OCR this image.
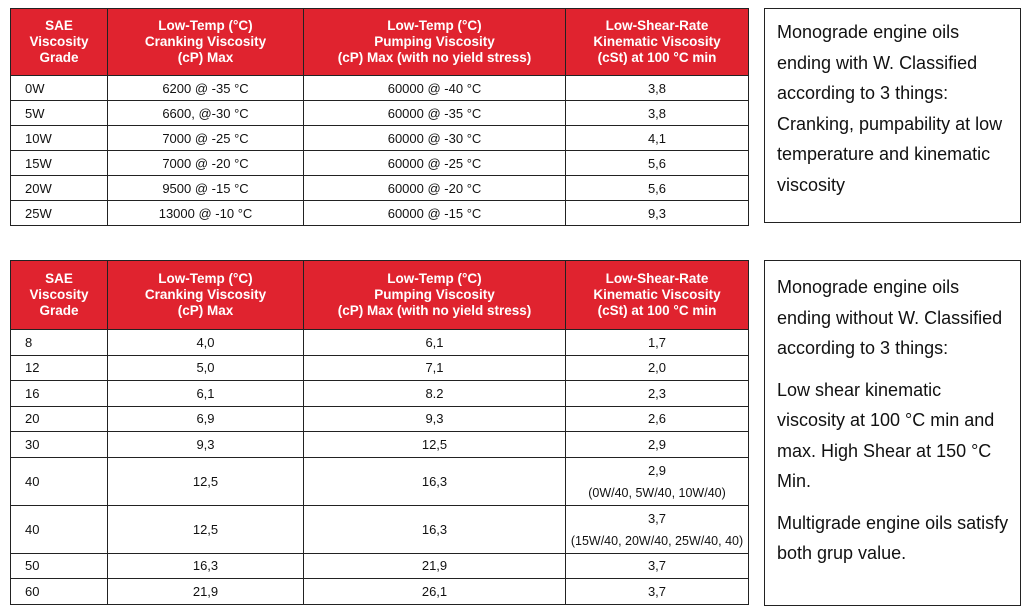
SAE
Viscosity
Grade	Low-Temp (°C)
Cranking Viscosity
(cP) Max	Low-Temp (°C)
Pumping Viscosity
(cP) Max (with no yield stress)	Low-Shear-Rate
Kinematic Viscosity
(cSt) at 100 °C min
0W	6200 @ -35 °C	60000 @ -40 °C	3,8
5W	6600, @-30 °C	60000 @ -35 °C	3,8
10W	7000 @ -25 °C	60000 @ -30 °C	4,1
15W	7000 @ -20 °C	60000 @ -25 °C	5,6
20W	9500 @ -15 °C	60000 @ -20 °C	5,6
25W	13000 @ -10 °C	60000 @ -15 °C	9,3
Monograde engine oils ending with W. Classified according to 3 things: Cranking, pumpability at low temperature and kinematic viscosity
SAE
Viscosity
Grade	Low-Temp (°C)
Cranking Viscosity
(cP) Max	Low-Temp (°C)
Pumping Viscosity
(cP) Max (with no yield stress)	Low-Shear-Rate
Kinematic Viscosity
(cSt) at 100 °C min
8	4,0	6,1	1,7
12	5,0	7,1	2,0
16	6,1	8.2	2,3
20	6,9	9,3	2,6
30	9,3	12,5	2,9
40	12,5	16,3	2,9
(0W/40, 5W/40, 10W/40)

40	12,5	16,3	3,7
(15W/40, 20W/40, 25W/40, 40)

50	16,3	21,9	3,7
60	21,9	26,1	3,7
Monograde engine oils ending without W. Classified according to 3 things:
Low shear kinematic viscosity at 100 °C min and max. High Shear at 150 °C Min.
Multigrade engine oils satisfy both grup value.
